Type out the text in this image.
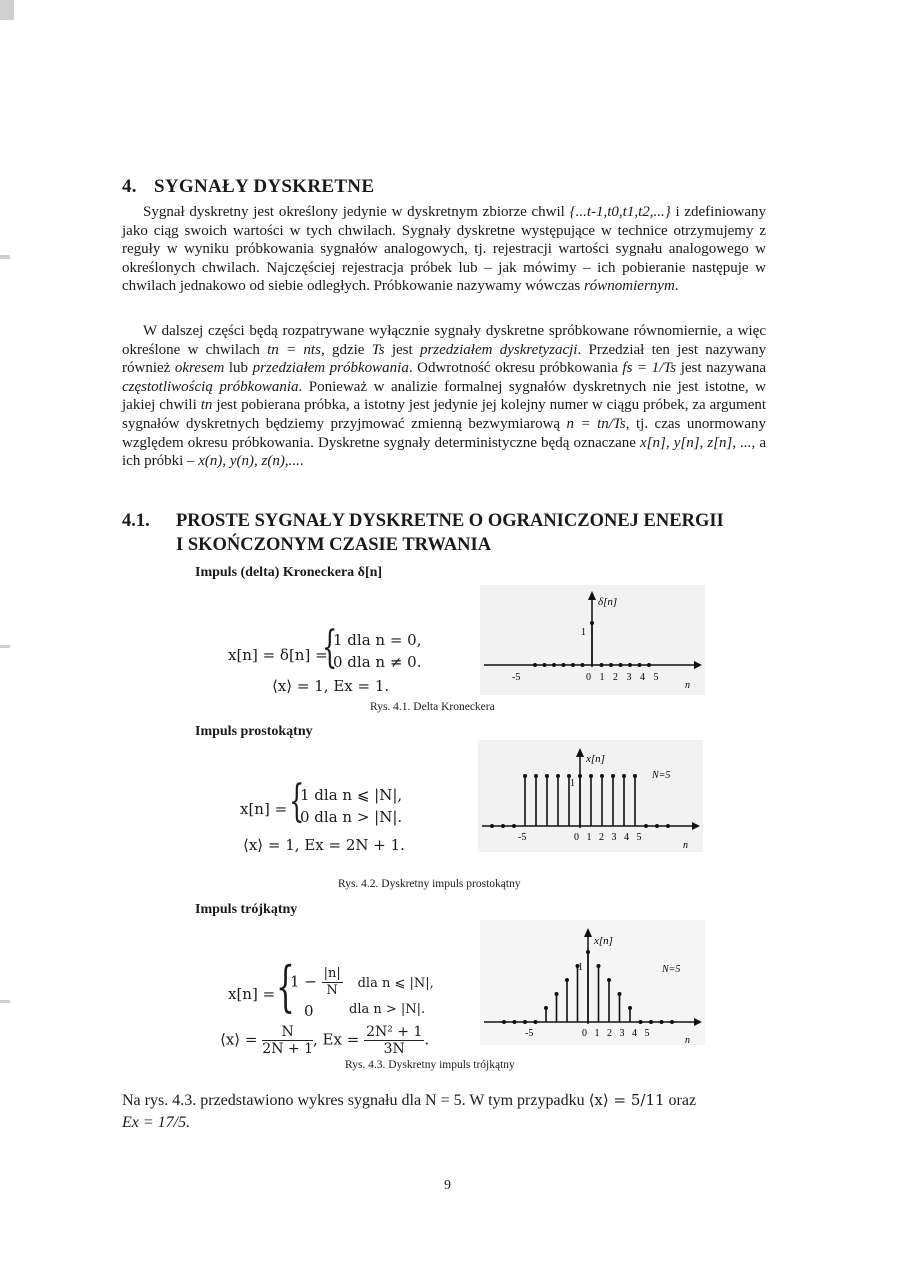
4. SYGNAŁY DYSKRETNE
Sygnał dyskretny jest określony jedynie w dyskretnym zbiorze chwil {...t-1,t0,t1,t2,...} i zdefiniowany jako ciąg swoich wartości w tych chwilach. Sygnały dyskretne występujące w technice otrzymujemy z reguły w wyniku próbkowania sygnałów analogowych, tj. rejestracji wartości sygnału analogowego w określonych chwilach. Najczęściej rejestracja próbek lub – jak mówimy – ich pobieranie następuje w chwilach jednakowo od siebie odległych. Próbkowanie nazywamy wówczas równomiernym.
W dalszej części będą rozpatrywane wyłącznie sygnały dyskretne spróbkowane równomiernie, a więc określone w chwilach tn = nts, gdzie Ts jest przedziałem dyskretyzacji. Przedział ten jest nazywany również okresem lub przedziałem próbkowania. Odwrotność okresu próbkowania fs = 1/Ts jest nazywana częstotliwością próbkowania. Ponieważ w analizie formalnej sygnałów dyskretnych nie jest istotne, w jakiej chwili tn jest pobierana próbka, a istotny jest jedynie jej kolejny numer w ciągu próbek, za argument sygnałów dyskretnych będziemy przyjmować zmienną bezwymiarową n = tn/Ts, tj. czas unormowany względem okresu próbkowania. Dyskretne sygnały deterministyczne będą oznaczane x[n], y[n], z[n], ..., a ich próbki – x(n), y(n), z(n),....
4.1. PROSTE SYGNAŁY DYSKRETNE O OGRANICZONEJ ENERGII
I SKOŃCZONYM CZASIE TRWANIA
Impuls (delta) Kroneckera δ[n]
x[n] = δ[n] =
{
1 dla n = 0,
0 dla n ≠ 0.
⟨x⟩ = 1, Ex = 1.
δ[n]
1
-5	0 1 2 3 4 5
n
Rys. 4.1. Delta Kroneckera
Impuls prostokątny
x[n] = {
1 dla n ⩽ |N|,
0 dla n > |N|.
⟨x⟩ = 1, Ex = 2N + 1.
x[n]
N=5
1
-5	0 1 2 3 4 5
n
Rys. 4.2. Dyskretny impuls prostokątny
Impuls trójkątny
x[n] = {
$1 - \frac{|n|}{N}$ dla n ⩽ |N|,
0	dla n > |N|.
⟨x⟩ = $\frac{N}{2N + 1}$ , $Ex = \frac{\text{2N² + 1}}{3N}$ .
x[n]
N=5
1
-5	0 1 2 3 4 5
n
Rys. 4.3. Dyskretny impuls trójkątny
Na rys. 4.3. przedstawiono wykres sygnału dla N = 5. W tym przypadku ⟨x⟩ = 5/11 oraz
Ex = 17/5.
9
